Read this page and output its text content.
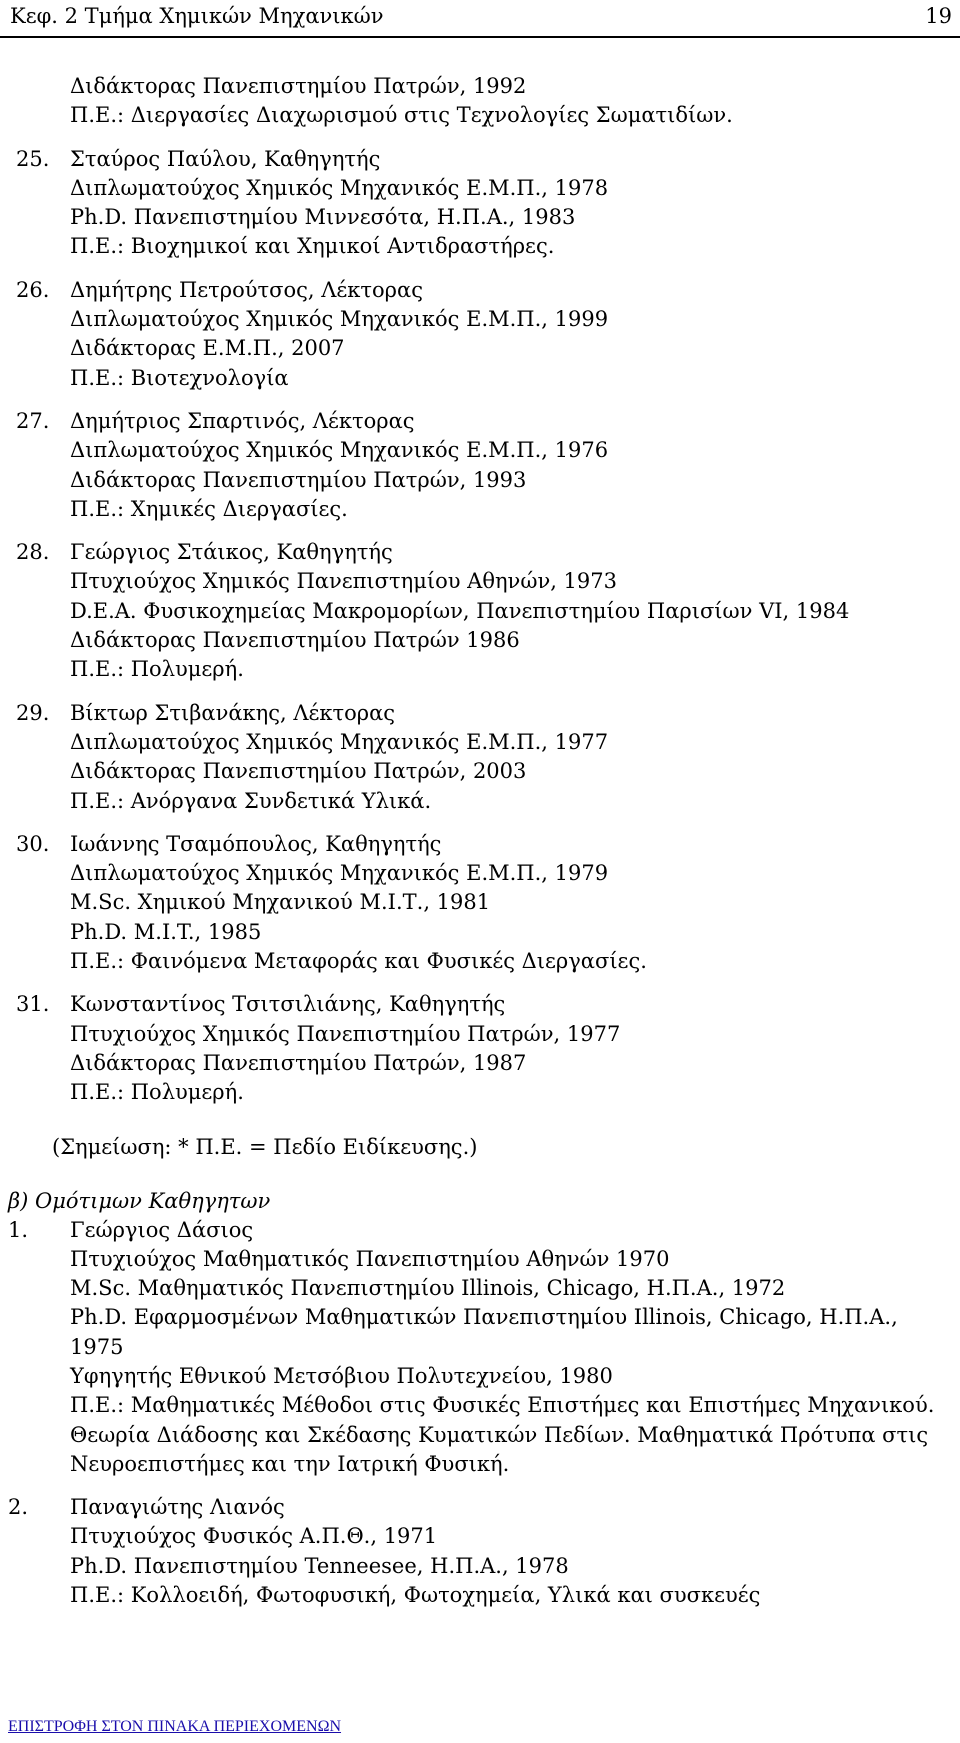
Κεφ. 2 Τμήμα Χημικών Μηχανικών	19
Διδάκτορας Πανεπιστημίου Πατρών, 1992
Π.Ε.: Διεργασίες Διαχωρισμού στις Τεχνολογίες Σωματιδίων.
25. Σταύρος Παύλου, Καθηγητής
Διπλωματούχος Χημικός Μηχανικός Ε.Μ.Π., 1978
Ph.D. Πανεπιστημίου Μιννεσότα, Η.Π.Α., 1983
Π.Ε.: Βιοχημικοί και Χημικοί Αντιδραστήρες.
26. Δημήτρης Πετρούτσος, Λέκτορας
Διπλωματούχος Χημικός Μηχανικός Ε.Μ.Π., 1999
Διδάκτορας Ε.Μ.Π., 2007
Π.Ε.: Βιοτεχνολογία
27. Δημήτριος Σπαρτινός, Λέκτορας
Διπλωματούχος Χημικός Μηχανικός Ε.Μ.Π., 1976
Διδάκτορας Πανεπιστημίου Πατρών, 1993
Π.Ε.: Χημικές Διεργασίες.
28. Γεώργιος Στάικος, Καθηγητής
Πτυχιούχος Χημικός Πανεπιστημίου Αθηνών, 1973
D.E.A. Φυσικοχημείας Μακρομορίων, Πανεπιστημίου Παρισίων VI, 1984
Διδάκτορας Πανεπιστημίου Πατρών 1986
Π.Ε.: Πολυμερή.
29. Βίκτωρ Στιβανάκης, Λέκτορας
Διπλωματούχος Χημικός Μηχανικός Ε.Μ.Π., 1977
Διδάκτορας Πανεπιστημίου Πατρών, 2003
Π.Ε.: Ανόργανα Συνδετικά Υλικά.
30. Ιωάννης Τσαμόπουλος, Καθηγητής
Διπλωματούχος Χημικός Μηχανικός Ε.Μ.Π., 1979
M.Sc. Χημικού Μηχανικού Μ.Ι.Τ., 1981
Ph.D. M.I.T., 1985
Π.Ε.: Φαινόμενα Μεταφοράς και Φυσικές Διεργασίες.
31. Κωνσταντίνος Τσιτσιλιάνης, Καθηγητής
Πτυχιούχος Χημικός Πανεπιστημίου Πατρών, 1977
Διδάκτορας Πανεπιστημίου Πατρών, 1987
Π.Ε.: Πολυμερή.
(Σημείωση: * Π.Ε. = Πεδίο Ειδίκευσης.)
β) Ομότιμων Καθηγητων
1.	Γεώργιος Δάσιος
Πτυχιούχος Μαθηματικός Πανεπιστημίου Αθηνών 1970
M.Sc. Μαθηματικός Πανεπιστημίου Illinois, Chicago, Η.Π.Α., 1972
Ph.D. Εφαρμοσμένων Μαθηματικών Πανεπιστημίου Illinois, Chicago, Η.Π.Α.,
1975
Υφηγητής Εθνικού Μετσόβιου Πολυτεχνείου, 1980
Π.Ε.: Μαθηματικές Μέθοδοι στις Φυσικές Επιστήμες και Επιστήμες Μηχανικού.
Θεωρία Διάδοσης και Σκέδασης Κυματικών Πεδίων. Μαθηματικά Πρότυπα στις
Νευροεπιστήμες και την Ιατρική Φυσική.
2.	Παναγιώτης Λιανός
Πτυχιούχος Φυσικός Α.Π.Θ., 1971
Ph.D. Πανεπιστημίου Tenneesee, Η.Π.Α., 1978
Π.Ε.: Κολλοειδή, Φωτοφυσική, Φωτοχημεία, Υλικά και συσκευές
ΕΠΙΣΤΡΟΦΗ ΣΤΟΝ ΠΙΝΑΚΑ ΠΕΡΙΕΧΟΜΕΝΩΝ
